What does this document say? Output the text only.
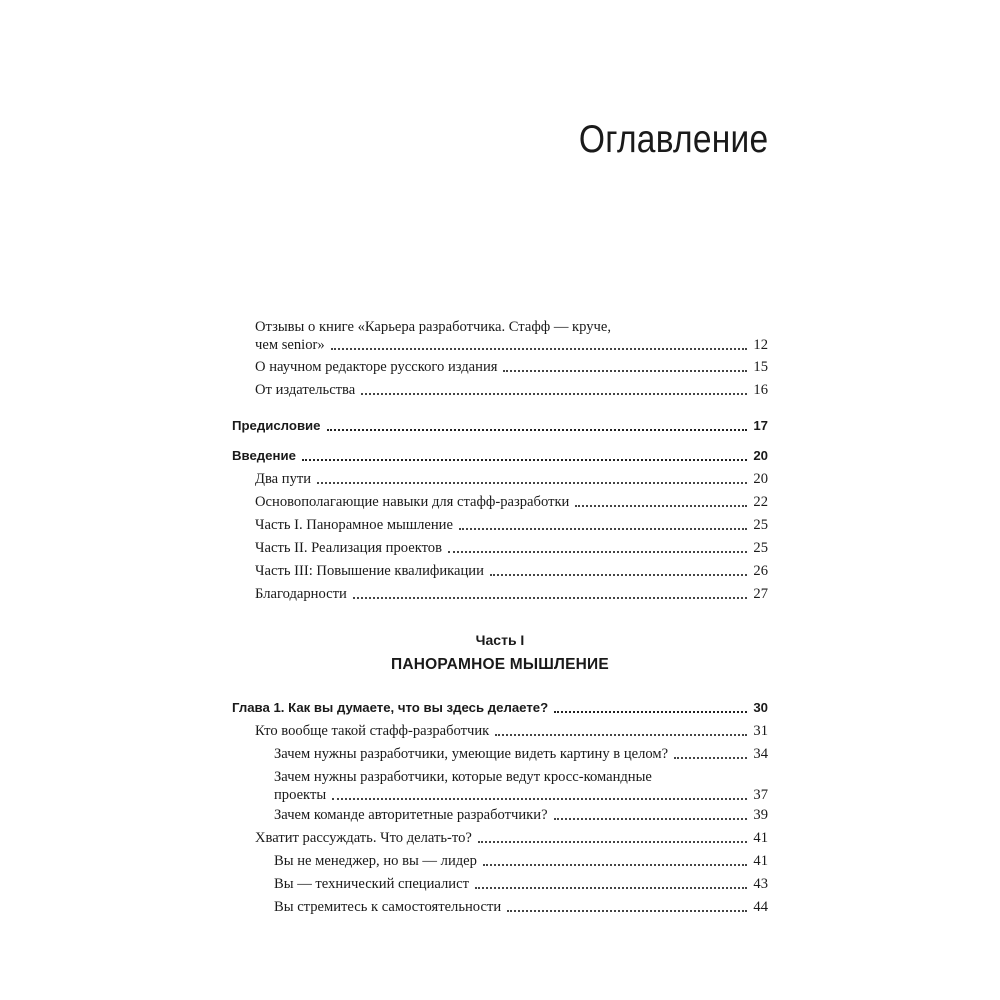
Оглавление
Отзывы о книге «Карьера разработчика. Стафф — круче,
чем senior»	12
О научном редакторе русского издания	15
От издательства	16
Предисловие	17
Введение	20
Два пути	20
Основополагающие навыки для стафф-разработки	22
Часть I. Панорамное мышление	25
Часть II. Реализация проектов	25
Часть III: Повышение квалификации	26
Благодарности	27
Глава 1. Как вы думаете, что вы здесь делаете?	30
Кто вообще такой стафф-разработчик	31
Зачем нужны разработчики, умеющие видеть картину в целом?	34
Зачем нужны разработчики, которые ведут кросс-командные
проекты	37
Зачем команде авторитетные разработчики?	39
Хватит рассуждать. Что делать-то?	41
Вы не менеджер, но вы — лидер	41
Вы — технический специалист	43
Вы стремитесь к самостоятельности	44
Часть I
ПАНОРАМНОЕ МЫШЛЕНИЕ
